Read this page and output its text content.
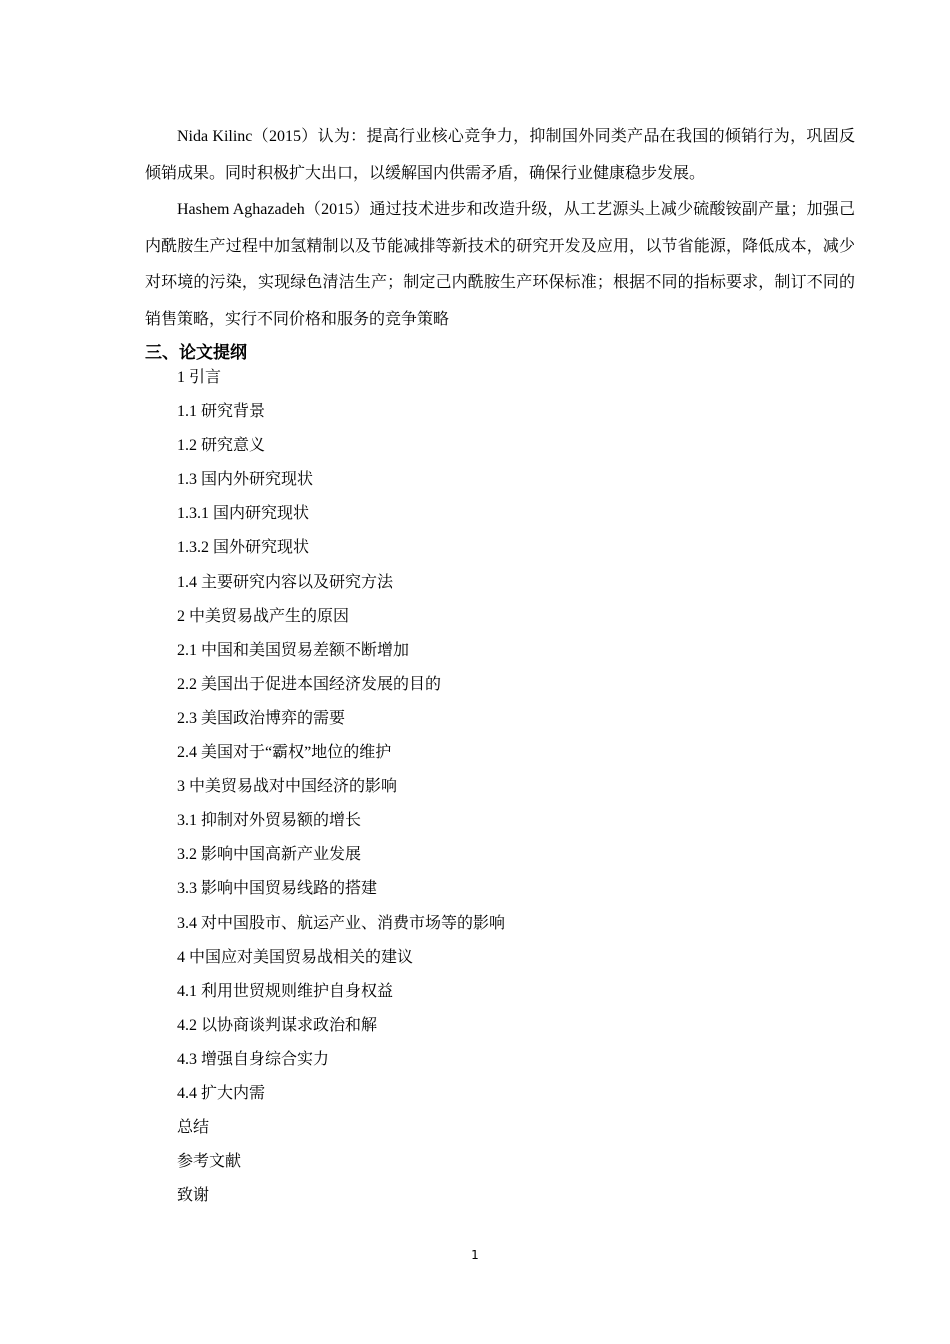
Nida Kilinc（2015）认为：提高行业核心竞争力，抑制国外同类产品在我国的倾销行为，巩固反倾销成果。同时积极扩大出口，以缓解国内供需矛盾，确保行业健康稳步发展。

Hashem Aghazadeh（2015）通过技术进步和改造升级，从工艺源头上减少硫酸铵副产量；加强己内酰胺生产过程中加氢精制以及节能减排等新技术的研究开发及应用，以节省能源，降低成本，减少对环境的污染，实现绿色清洁生产；制定己内酰胺生产环保标准；根据不同的指标要求，制订不同的销售策略，实行不同价格和服务的竞争策略

三、论文提纲
1 引言
1.1 研究背景
1.2 研究意义
1.3 国内外研究现状
1.3.1 国内研究现状
1.3.2 国外研究现状
1.4 主要研究内容以及研究方法
2 中美贸易战产生的原因
2.1 中国和美国贸易差额不断增加
2.2 美国出于促进本国经济发展的目的
2.3 美国政治博弈的需要
2.4 美国对于“霸权”地位的维护
3 中美贸易战对中国经济的影响
3.1 抑制对外贸易额的增长
3.2 影响中国高新产业发展
3.3 影响中国贸易线路的搭建
3.4 对中国股市、航运产业、消费市场等的影响
4 中国应对美国贸易战相关的建议
4.1 利用世贸规则维护自身权益
4.2 以协商谈判谋求政治和解
4.3 增强自身综合实力
4.4 扩大内需
总结
参考文献
致谢
1
